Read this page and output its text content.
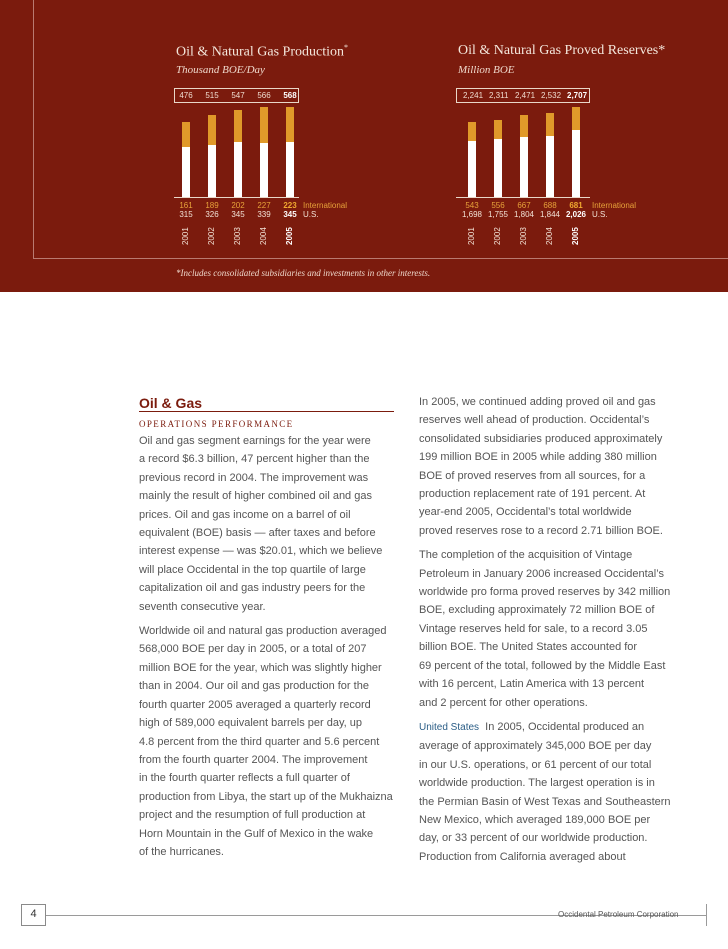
Oil & Natural Gas Production*
Thousand BOE/Day
476
161
315
2001
515
189
326
2002
547
202
345
2003
566
227
339
2004
568
223
345
2005
International
U.S.
Oil & Natural Gas Proved Reserves*
Million BOE
2,241
543
1,698
2001
2,311
556
1,755
2002
2,471
667
1,804
2003
2,532
688
1,844
2004
2,707
681
2,026
2005
International
U.S.
*Includes consolidated subsidiaries and investments in other interests.
Oil & Gas
OPERATIONS PERFORMANCE

Oil and gas segment earnings for the year were
a record $6.3 billion, 47 percent higher than the
previous record in 2004. The improvement was
mainly the result of higher combined oil and gas
prices. Oil and gas income on a barrel of oil
equivalent (BOE) basis — after taxes and before
interest expense — was $20.01, which we believe
will place Occidental in the top quartile of large
capitalization oil and gas industry peers for the
seventh consecutive year.

Worldwide oil and natural gas production averaged
568,000 BOE per day in 2005, or a total of 207
million BOE for the year, which was slightly higher
than in 2004. Our oil and gas production for the
fourth quarter 2005 averaged a quarterly record
high of 589,000 equivalent barrels per day, up
4.8 percent from the third quarter and 5.6 percent
from the fourth quarter 2004. The improvement
in the fourth quarter reflects a full quarter of
production from Libya, the start up of the Mukhaizna
project and the resumption of full production at
Horn Mountain in the Gulf of Mexico in the wake
of the hurricanes.

In 2005, we continued adding proved oil and gas
reserves well ahead of production. Occidental’s
consolidated subsidiaries produced approximately
199 million BOE in 2005 while adding 380 million
BOE of proved reserves from all sources, for a
production replacement rate of 191 percent. At
year-end 2005, Occidental’s total worldwide
proved reserves rose to a record 2.71 billion BOE.

The completion of the acquisition of Vintage
Petroleum in January 2006 increased Occidental’s
worldwide pro forma proved reserves by 342 million
BOE, excluding approximately 72 million BOE of
Vintage reserves held for sale, to a record 3.05
billion BOE. The United States accounted for
69 percent of the total, followed by the Middle East
with 16 percent, Latin America with 13 percent
and 2 percent for other operations.

United States In 2005, Occidental produced an
average of approximately 345,000 BOE per day
in our U.S. operations, or 61 percent of our total
worldwide production. The largest operation is in
the Permian Basin of West Texas and Southeastern
New Mexico, which averaged 189,000 BOE per
day, or 33 percent of our worldwide production.
Production from California averaged about

4	Occidental Petroleum Corporation
